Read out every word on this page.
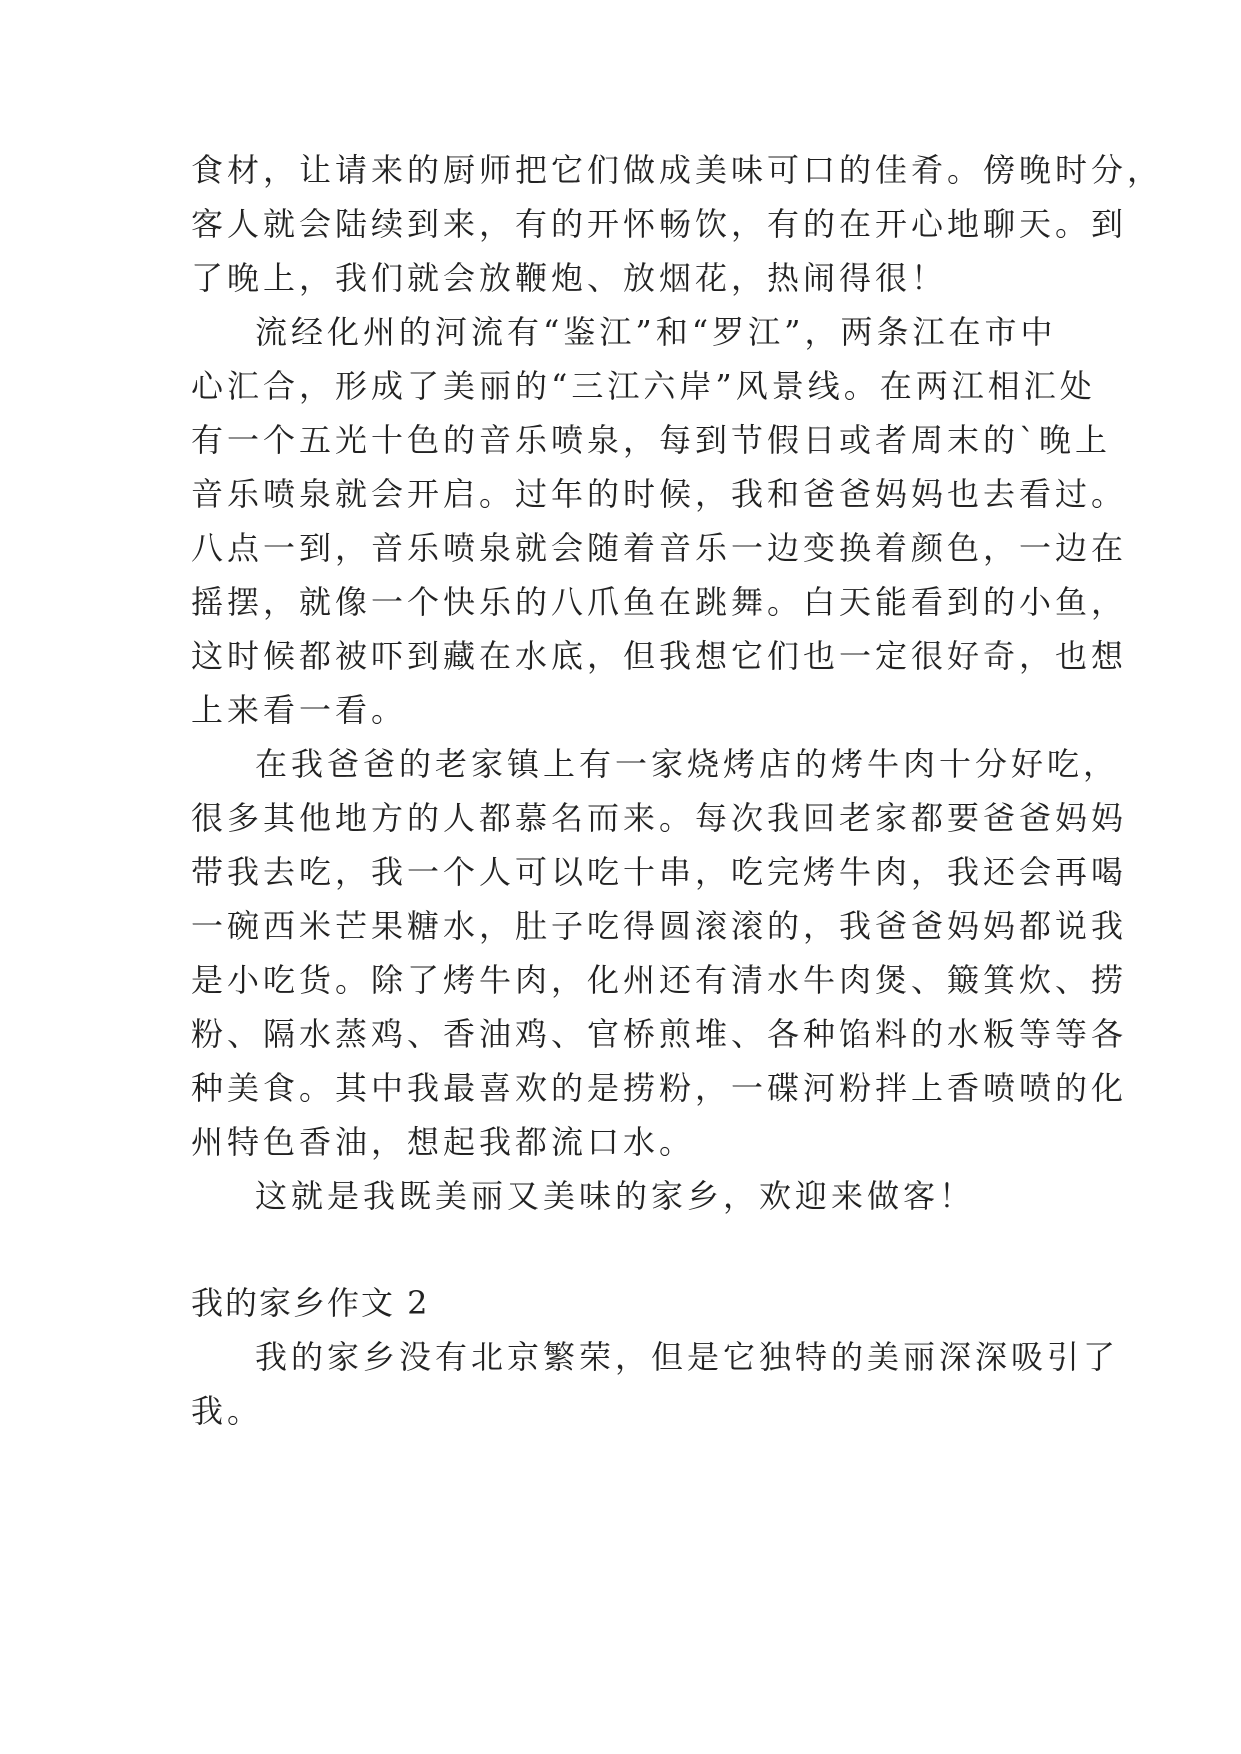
食材，让请来的厨师把它们做成美味可口的佳肴。傍晚时分，
客人就会陆续到来，有的开怀畅饮，有的在开心地聊天。到
了晚上，我们就会放鞭炮、放烟花，热闹得很！
流经化州的河流有“鉴江”和“罗江”，两条江在市中
心汇合，形成了美丽的“三江六岸”风景线。在两江相汇处
有一个五光十色的音乐喷泉，每到节假日或者周末的`晚上
音乐喷泉就会开启。过年的时候，我和爸爸妈妈也去看过。
八点一到，音乐喷泉就会随着音乐一边变换着颜色，一边在
摇摆，就像一个快乐的八爪鱼在跳舞。白天能看到的小鱼，
这时候都被吓到藏在水底，但我想它们也一定很好奇，也想
上来看一看。
在我爸爸的老家镇上有一家烧烤店的烤牛肉十分好吃，
很多其他地方的人都慕名而来。每次我回老家都要爸爸妈妈
带我去吃，我一个人可以吃十串，吃完烤牛肉，我还会再喝
一碗西米芒果糖水，肚子吃得圆滚滚的，我爸爸妈妈都说我
是小吃货。除了烤牛肉，化州还有清水牛肉煲、簸箕炊、捞
粉、隔水蒸鸡、香油鸡、官桥煎堆、各种馅料的水粄等等各
种美食。其中我最喜欢的是捞粉，一碟河粉拌上香喷喷的化
州特色香油，想起我都流口水。
这就是我既美丽又美味的家乡，欢迎来做客！
我的家乡作文 2
我的家乡没有北京繁荣，但是它独特的美丽深深吸引了
我。
